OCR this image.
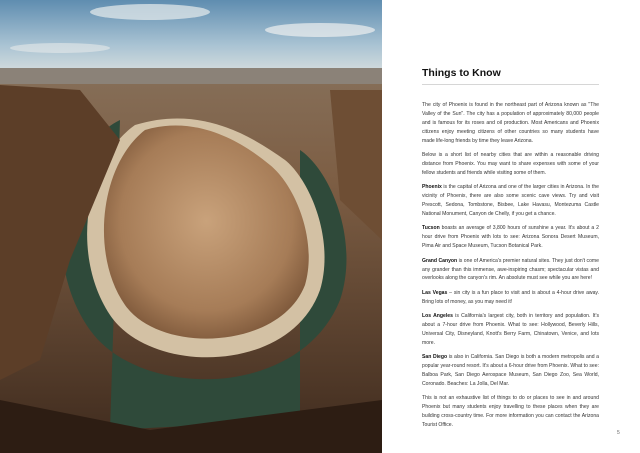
Things to Know

The city of Phoenix is found in the northeast part of Arizona known as "The Valley of the Sun". The city has a population of approximately 80,000 people and is famous for its roses and oil production. Most Americans and Phoenix citizens enjoy meeting citizens of other countries so many students have made life-long friends by time they leave Arizona.

Below is a short list of nearby cities that are within a reasonable driving distance from Phoenix. You may want to share expenses with some of your fellow students and friends while visiting some of them.

Phoenix is the capital of Arizona and one of the larger cities in Arizona. In the vicinity of Phoenix, there are also some scenic cave views. Try and visit Prescott, Sedona, Tombstone, Bisbee, Lake Havasu, Montezuma Castle National Monument, Canyon de Chelly, if you get a chance.

Tucson boasts an average of 3,800 hours of sunshine a year. It's about a 2 hour drive from Phoenix with lots to see: Arizona Sonora Desert Museum, Pima Air and Space Museum, Tucson Botanical Park.

Grand Canyon is one of America's premier natural sites. They just don't come any grander than this immense, awe-inspiring chasm; spectacular vistas and overlooks along the canyon's rim. An absolute must see while you are here!

Las Vegas – sin city is a fun place to visit and is about a 4-hour drive away. Bring lots of money, as you may need it!

Los Angeles is California's largest city, both in territory and population. It's about a 7-hour drive from Phoenix. What to see: Hollywood, Beverly Hills, Universal City, Disneyland, Knott's Berry Farm, Chinatown, Venice, and lots more.

San Diego is also in California. San Diego is both a modern metropolis and a popular year-round resort. It's about a 6-hour drive from Phoenix. What to see: Balboa Park, San Diego Aerospace Museum, San Diego Zoo, Sea World, Coronado. Beaches: La Jolla, Del Mar.

This is not an exhaustive list of things to do or places to see in and around Phoenix but many students enjoy travelling to these places when they are building cross-country time. For more information you can contact the Arizona Tourist Office.

5
